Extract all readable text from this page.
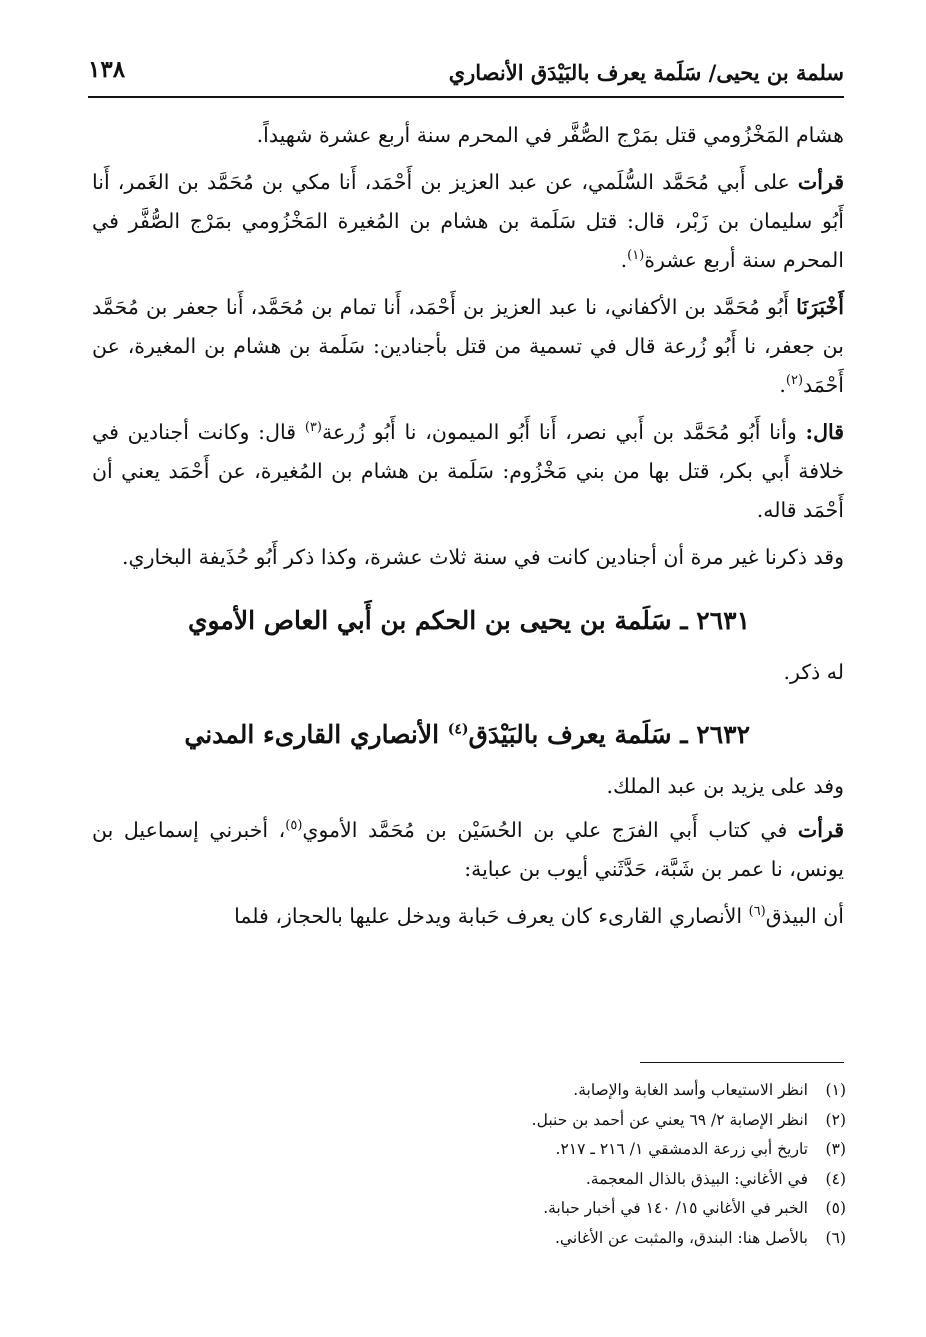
سلمة بن يحيى/ سَلَمة يعرف بالبَيْدَق الأنصاري
١٣٨

هشام المَخْزُومي قتل بمَرْج الصُّفَّر في المحرم سنة أربع عشرة شهيداً.

قرأت على أَبي مُحَمَّد السُّلَمي، عن عبد العزيز بن أَحْمَد، أَنا مكي بن مُحَمَّد بن الغَمر، أَنا أَبُو سليمان بن زَبْر، قال: قتل سَلَمة بن هشام بن المُغيرة المَخْزُومي بمَرْج الصُّفَّر في المحرم سنة أربع عشرة$^{(١)}$.

أَخْبَرَنَا أَبُو مُحَمَّد بن الأكفاني، نا عبد العزيز بن أَحْمَد، أَنا تمام بن مُحَمَّد، أَنا جعفر بن مُحَمَّد بن جعفر، نا أَبُو زُرعة قال في تسمية من قتل بأجنادين: سَلَمة بن هشام بن المغيرة، عن أَحْمَد$^{(٢)}$.

قال: وأنا أَبُو مُحَمَّد بن أَبي نصر، أَنا أَبُو الميمون، نا أَبُو زُرعة$^{(٣)}$ قال: وكانت أجنادين في خلافة أَبي بكر، قتل بها من بني مَخْزُوم: سَلَمة بن هشام بن المُغيرة، عن أَحْمَد يعني أن أَحْمَد قاله.

وقد ذكرنا غير مرة أن أجنادين كانت في سنة ثلاث عشرة، وكذا ذكر أَبُو حُذَيفة البخاري.

٢٦٣١ ـ سَلَمة بن يحيى بن الحكم بن أَبي العاص الأموي

له ذكر.

٢٦٣٢ ـ سَلَمة يعرف بالبَيْدَق$^{(٤)}$ الأنصاري القارىء المدني

وفد على يزيد بن عبد الملك.

قرأت في كتاب أَبي الفرَج علي بن الحُسَيْن بن مُحَمَّد الأموي$^{(٥)}$، أخبرني إسماعيل بن يونس، نا عمر بن شَبَّة، حَدَّثَني أيوب بن عباية:

أن البيذق$^{(٦)}$ الأنصاري القارىء كان يعرف حَبابة ويدخل عليها بالحجاز، فلما

(١)
انظر الاستيعاب وأسد الغابة والإصابة.
(٢)
انظر الإصابة ٢/ ٦٩ يعني عن أحمد بن حنبل.
(٣)
تاريخ أبي زرعة الدمشقي ١/ ٢١٦ ـ ٢١٧.
(٤)
في الأغاني: البيذق بالذال المعجمة.
(٥)
الخبر في الأغاني ١٥/ ١٤٠ في أخبار حبابة.
(٦)
بالأصل هنا: البندق، والمثبت عن الأغاني.
